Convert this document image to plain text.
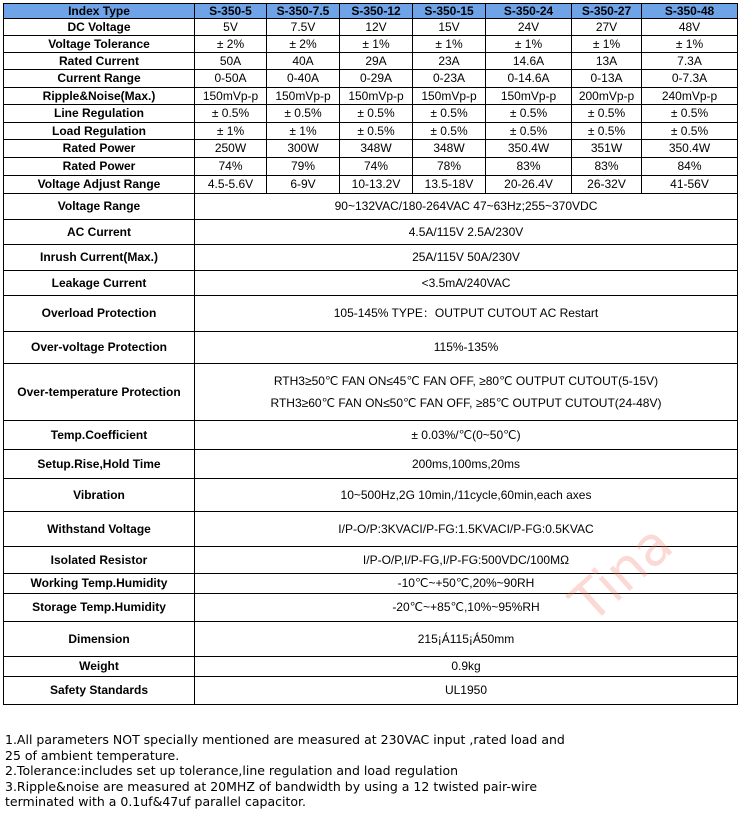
Index Type	S-350-5	S-350-7.5	S-350-12	S-350-15	S-350-24	S-350-27	S-350-48
DC Voltage	5V	7.5V	12V	15V	24V	27V	48V
Voltage Tolerance	± 2%	± 2%	± 1%	± 1%	± 1%	± 1%	± 1%
Rated Current	50A	40A	29A	23A	14.6A	13A	7.3A
Current Range	0-50A	0-40A	0-29A	0-23A	0-14.6A	0-13A	0-7.3A
Ripple&Noise(Max.)	150mVp-p	150mVp-p	150mVp-p	150mVp-p	150mVp-p	200mVp-p	240mVp-p
Line Regulation	± 0.5%	± 0.5%	± 0.5%	± 0.5%	± 0.5%	± 0.5%	± 0.5%
Load Regulation	± 1%	± 1%	± 0.5%	± 0.5%	± 0.5%	± 0.5%	± 0.5%
Rated Power	250W	300W	348W	348W	350.4W	351W	350.4W
Rated Power	74%	79%	74%	78%	83%	83%	84%
Voltage Adjust Range	4.5-5.6V	6-9V	10-13.2V	13.5-18V	20-26.4V	26-32V	41-56V
Voltage Range	90~132VAC/180-264VAC 47~63Hz;255~370VDC						
AC Current	4.5A/115V 2.5A/230V						
Inrush Current(Max.)	25A/115V 50A/230V						
Leakage Current	<3.5mA/240VAC						
Overload Protection	105-145% TYPE：OUTPUT CUTOUT AC Restart						
Over-voltage Protection	115%-135%						
Over-temperature Protection	RTH3≥50℃ FAN ON≤45℃ FAN OFF, ≥80℃ OUTPUT CUTOUT(5-15V)
RTH3≥60℃ FAN ON≤50℃ FAN OFF, ≥85℃ OUTPUT CUTOUT(24-48V)						

Temp.Coefficient	± 0.03%/℃(0~50℃)						
Setup.Rise,Hold Time	200ms,100ms,20ms						
Vibration	10~500Hz,2G 10min,/11cycle,60min,each axes						
Withstand Voltage	I/P-O/P:3KVACI/P-FG:1.5KVACI/P-FG:0.5KVAC						
Isolated Resistor	I/P-O/P,I/P-FG,I/P-FG:500VDC/100MΩ						
Working Temp.Humidity	-10℃~+50℃,20%~90RH						
Storage Temp.Humidity	-20℃~+85℃,10%~95%RH						
Dimension	215¡Á115¡Á50mm						
Weight	0.9kg						
Safety Standards	UL1950						
Tina
1.All parameters NOT specially mentioned are measured at 230VAC input ,rated load and
25 of ambient temperature.
2.Tolerance:includes set up tolerance,line regulation and load regulation
3.Ripple&noise are measured at 20MHZ of bandwidth by using a 12 twisted pair-wire
terminated with a 0.1uf&47uf parallel capacitor.
